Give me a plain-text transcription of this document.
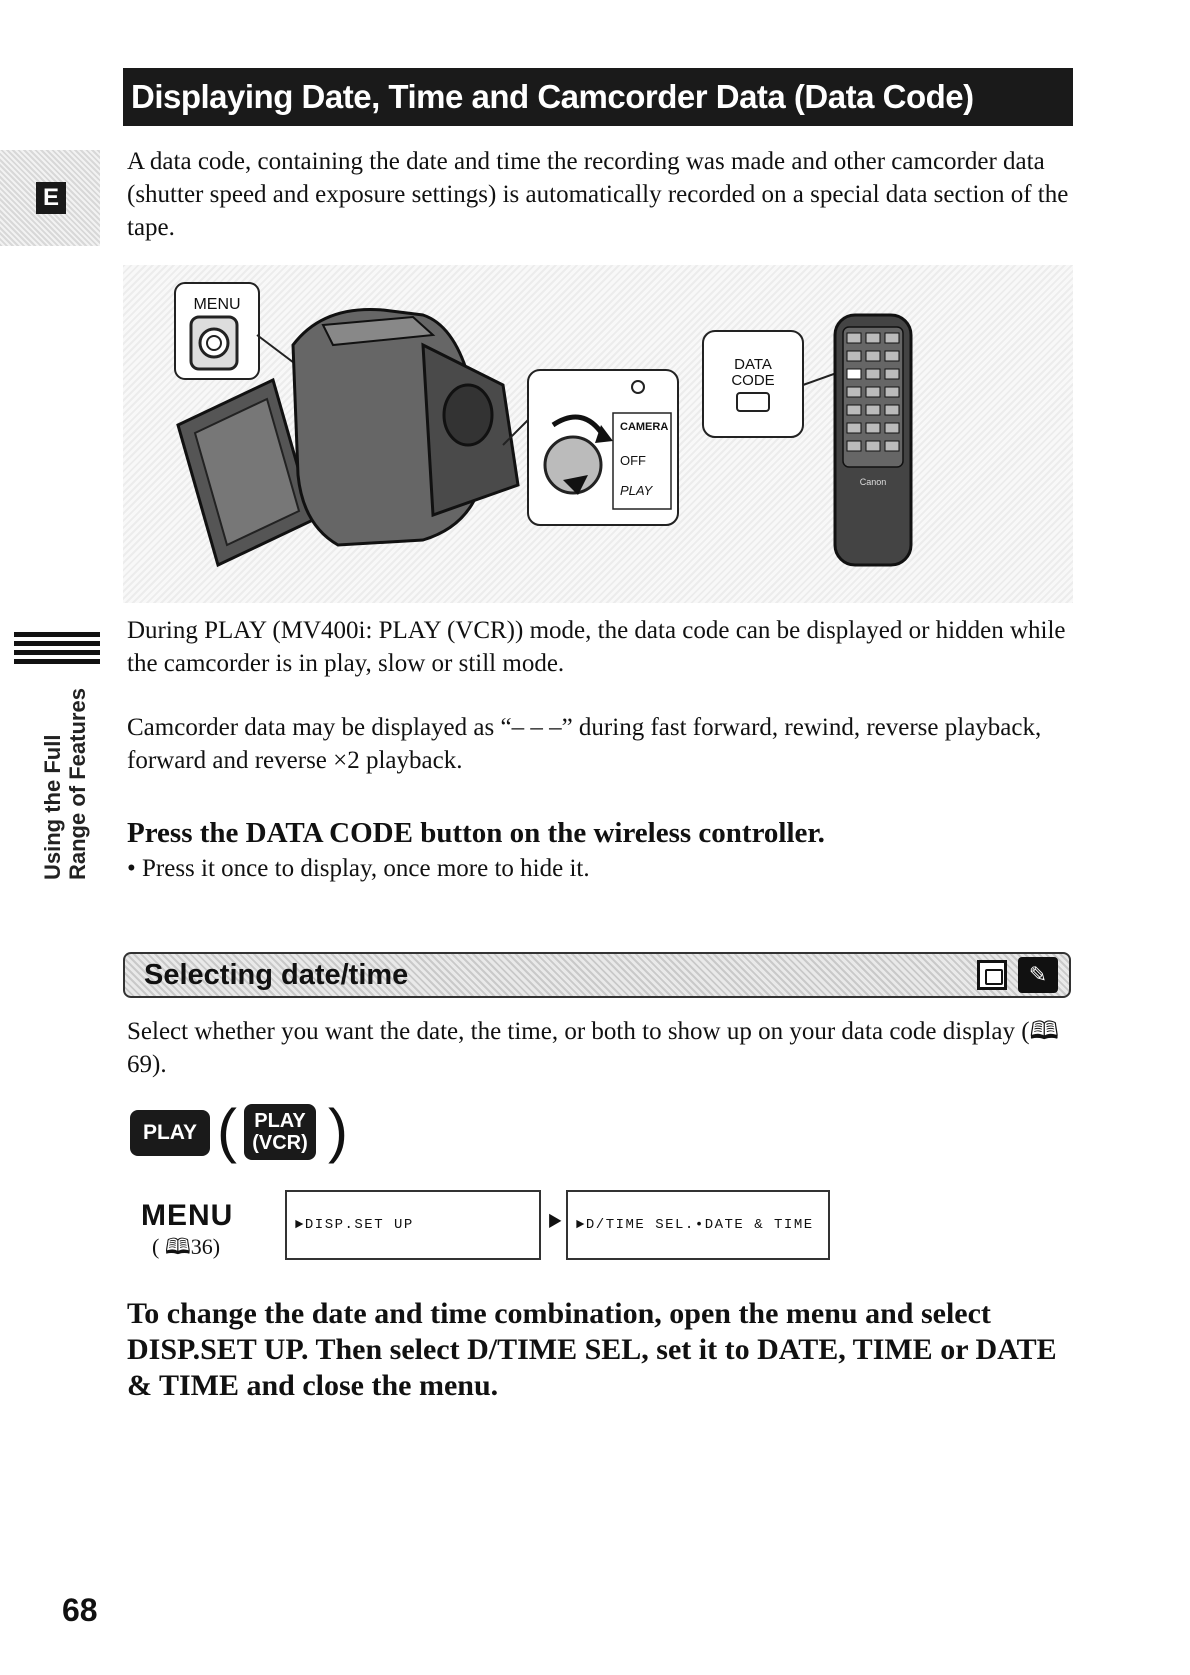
Displaying Date, Time and Camcorder Data (Data Code)
E
Using the Full Range of Features
A data code, containing the date and time the recording was made and other camcorder data (shutter speed and exposure settings) is automatically recorded on a special data section of the tape.
MENU
CAMERA
OFF
PLAY
DATA
CODE
Canon
During PLAY (MV400i: PLAY (VCR)) mode, the data code can be displayed or hidden while the camcorder is in play, slow or still mode.
Camcorder data may be displayed as “– – –” during fast forward, rewind, reverse playback, forward and reverse ×2 playback.
Press the DATA CODE button on the wireless controller.
• Press it once to display, once more to hide it.
Selecting date/time	✎
Select whether you want the date, the time, or both to show up on your data code display (🕮69).
PLAY ( PLAY
(VCR) )
MENU
( 🕮36)
►DISP.SET UP	⯈ ►D/TIME SEL.•DATE & TIME
To change the date and time combination, open the menu and select DISP.SET UP. Then select D/TIME SEL, set it to DATE, TIME or DATE & TIME and close the menu.
68
